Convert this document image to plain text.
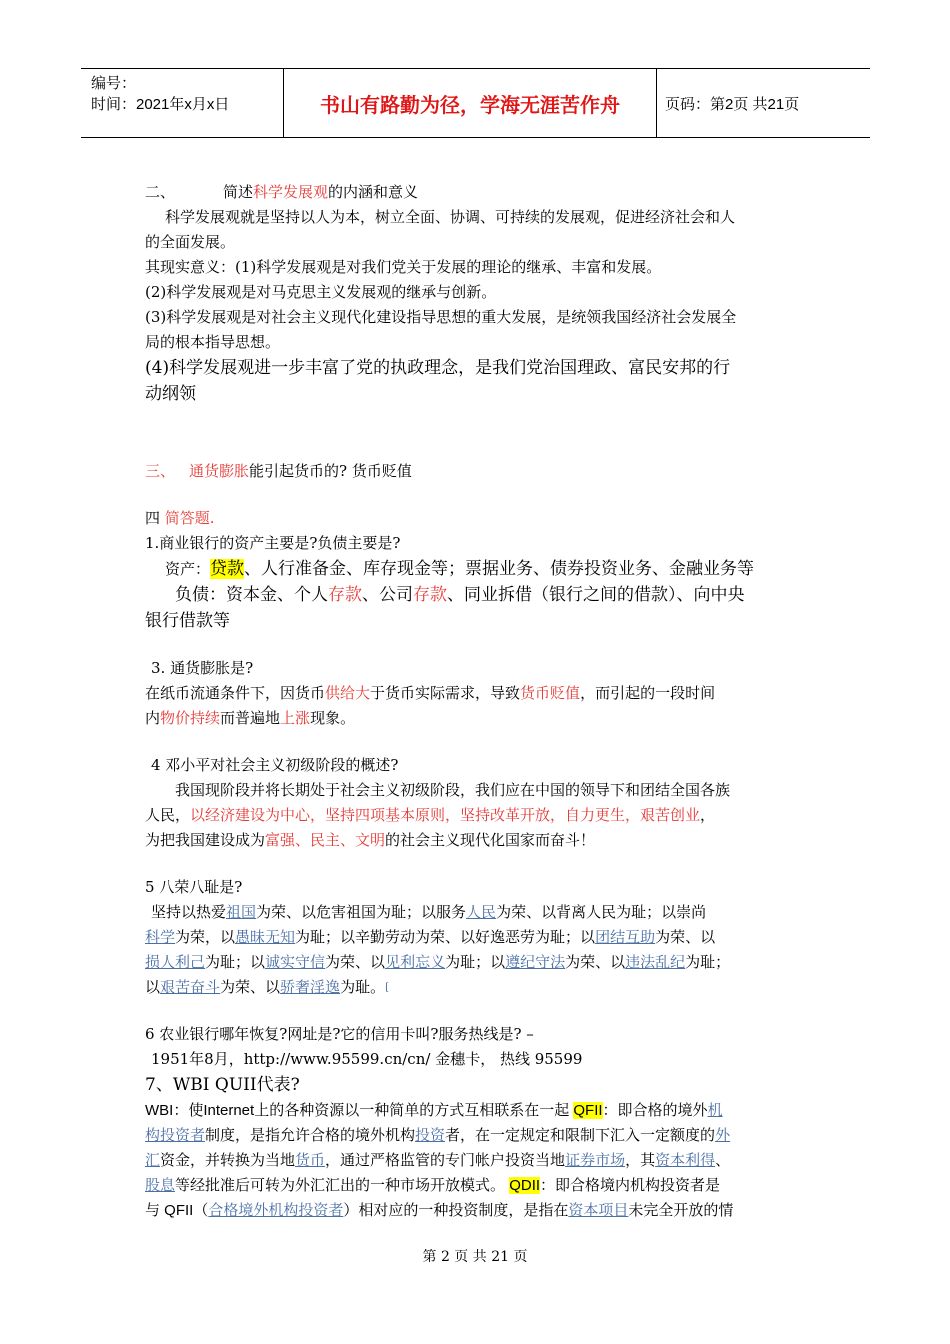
编号：
时间：2021年x月x日	书山有路勤为径，学海无涯苦作舟	页码：第2页 共21页

二、	简述科学发展观的内涵和意义

科学发展观就是坚持以人为本，树立全面、协调、可持续的发展观，促进经济社会和人

的全面发展。

其现实意义：(1)科学发展观是对我们党关于发展的理论的继承、丰富和发展。

(2)科学发展观是对马克思主义发展观的继承与创新。

(3)科学发展观是对社会主义现代化建设指导思想的重大发展，是统领我国经济社会发展全

局的根本指导思想。

(4)科学发展观进一步丰富了党的执政理念，是我们党治国理政、富民安邦的行

动纲领

三、 通货膨胀能引起货币的? 货币贬值

四 简答题.

1.商业银行的资产主要是?负债主要是?

资产：贷款、人行准备金、库存现金等；票据业务、债券投资业务、金融业务等

负债：资本金、个人存款、公司存款、同业拆借（银行之间的借款）、向中央

银行借款等

3. 通货膨胀是?

在纸币流通条件下，因货币供给大于货币实际需求，导致货币贬值，而引起的一段时间

内物价持续而普遍地上涨现象。

4 邓小平对社会主义初级阶段的概述?

我国现阶段并将长期处于社会主义初级阶段，我们应在中国的领导下和团结全国各族

人民，以经济建设为中心，坚持四项基本原则，坚持改革开放，自力更生，艰苦创业，

为把我国建设成为富强、民主、文明的社会主义现代化国家而奋斗！

5 八荣八耻是?

坚持以热爱祖国为荣、以危害祖国为耻；以服务人民为荣、以背离人民为耻；以崇尚

科学为荣，以愚昧无知为耻；以辛勤劳动为荣、以好逸恶劳为耻；以团结互助为荣、以

损人利己为耻；以诚实守信为荣、以见利忘义为耻；以遵纪守法为荣、以违法乱纪为耻；

以艰苦奋斗为荣、以骄奢淫逸为耻。[

6 农业银行哪年恢复?网址是?它的信用卡叫?服务热线是? –

1951年8月，http://www.95599.cn/cn/ 金穗卡， 热线 95599

7、WBI QUII代表?

WBI：使Internet上的各种资源以一种简单的方式互相联系在一起 QFII：即合格的境外机

构投资者制度，是指允许合格的境外机构投资者，在一定规定和限制下汇入一定额度的外

汇资金，并转换为当地货币，通过严格监管的专门帐户投资当地证券市场，其资本利得、

股息等经批准后可转为外汇汇出的一种市场开放模式。 QDII：即合格境内机构投资者是

与 QFII（合格境外机构投资者）相对应的一种投资制度，是指在资本项目未完全开放的情

第 2 页 共 21 页
